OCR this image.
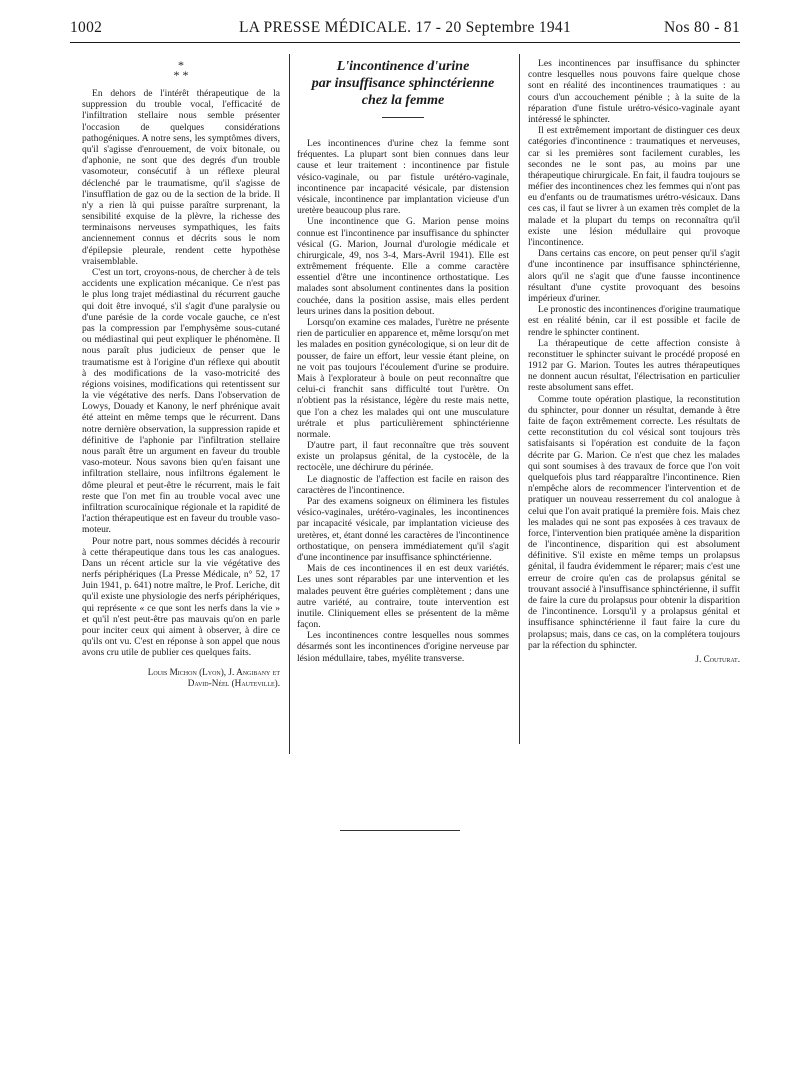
1002	LA PRESSE MÉDICALE. 17 - 20 Septembre 1941	Nos 80 - 81
*
* *

En dehors de l'intérêt thérapeutique de la suppression du trouble vocal, l'efficacité de l'infiltration stellaire nous semble présenter l'occasion de quelques considérations pathogéniques. A notre sens, les symptômes divers, qu'il s'agisse d'enrouement, de voix bitonale, ou d'aphonie, ne sont que des degrés d'un trouble vasomoteur, consécutif à un réflexe pleural déclenché par le traumatisme, qu'il s'agisse de l'insufflation de gaz ou de la section de la bride. Il n'y a rien là qui puisse paraître surprenant, la sensibilité exquise de la plèvre, la richesse des terminaisons nerveuses sympathiques, les faits anciennement connus et décrits sous le nom d'épilepsie pleurale, rendent cette hypothèse vraisemblable.

C'est un tort, croyons-nous, de chercher à de tels accidents une explication mécanique. Ce n'est pas le plus long trajet médiastinal du récurrent gauche qui doit être invoqué, s'il s'agit d'une paralysie ou d'une parésie de la corde vocale gauche, ce n'est pas la compression par l'emphysème sous-cutané ou médiastinal qui peut expliquer le phénomène. Il nous paraît plus judicieux de penser que le traumatisme est à l'origine d'un réflexe qui aboutit à des modifications de la vaso-motricité des régions voisines, modifications qui retentissent sur la vie végétative des nerfs. Dans l'observation de Lowys, Douady et Kanony, le nerf phrénique avait été atteint en même temps que le récurrent. Dans notre dernière observation, la suppression rapide et définitive de l'aphonie par l'infiltration stellaire nous paraît être un argument en faveur du trouble vaso-moteur. Nous savons bien qu'en faisant une infiltration stellaire, nous infiltrons également le dôme pleural et peut-être le récurrent, mais le fait reste que l'on met fin au trouble vocal avec une infiltration scurocaïnique régionale et la rapidité de l'action thérapeutique est en faveur du trouble vaso-moteur.

Pour notre part, nous sommes décidés à recourir à cette thérapeutique dans tous les cas analogues. Dans un récent article sur la vie végétative des nerfs périphériques (La Presse Médicale, n° 52, 17 Juin 1941, p. 641) notre maître, le Prof. Leriche, dit qu'il existe une physiologie des nerfs périphériques, qui représente « ce que sont les nerfs dans la vie » et qu'il n'est peut-être pas mauvais qu'on en parle pour inciter ceux qui aiment à observer, à dire ce qu'ils ont vu. C'est en réponse à son appel que nous avons cru utile de publier ces quelques faits.

Louis Michon (Lyon), J. Angibany et
David-Néel (Hauteville).
L'incontinence d'urine
par insuffisance sphinctérienne
chez la femme

Les incontinences d'urine chez la femme sont fréquentes. La plupart sont bien connues dans leur cause et leur traitement : incontinence par fistule vésico-vaginale, ou par fistule urétéro-vaginale, incontinence par incapacité vésicale, par distension vésicale, incontinence par implantation vicieuse d'un uretère beaucoup plus rare.

Une incontinence que G. Marion pense moins connue est l'incontinence par insuffisance du sphincter vésical (G. Marion, Journal d'urologie médicale et chirurgicale, 49, nos 3-4, Mars-Avril 1941). Elle est extrêmement fréquente. Elle a comme caractère essentiel d'être une incontinence orthostatique. Les malades sont absolument continentes dans la position couchée, dans la position assise, mais elles perdent leurs urines dans la position debout.

Lorsqu'on examine ces malades, l'urètre ne présente rien de particulier en apparence et, même lorsqu'on met les malades en position gynécologique, si on leur dit de pousser, de faire un effort, leur vessie étant pleine, on ne voit pas toujours l'écoulement d'urine se produire. Mais à l'explorateur à boule on peut reconnaître que celui-ci franchit sans difficulté tout l'urètre. On n'obtient pas la résistance, légère du reste mais nette, que l'on a chez les malades qui ont une musculature urétrale et plus particulièrement sphinctérienne normale.

D'autre part, il faut reconnaître que très souvent existe un prolapsus génital, de la cystocèle, de la rectocèle, une déchirure du périnée.

Le diagnostic de l'affection est facile en raison des caractères de l'incontinence.

Par des examens soigneux on éliminera les fistules vésico-vaginales, urétéro-vaginales, les incontinences par incapacité vésicale, par implantation vicieuse des uretères, et, étant donné les caractères de l'incontinence orthostatique, on pensera immédiatement qu'il s'agit d'une incontinence par insuffisance sphinctérienne.

Mais de ces incontinences il en est deux variétés. Les unes sont réparables par une intervention et les malades peuvent être guéries complètement ; dans une autre variété, au contraire, toute intervention est inutile. Cliniquement elles se présentent de la même façon.

Les incontinences contre lesquelles nous sommes désarmés sont les incontinences d'origine nerveuse par lésion médullaire, tabes, myélite transverse.

Les incontinences par insuffisance du sphincter contre lesquelles nous pouvons faire quelque chose sont en réalité des incontinences traumatiques : au cours d'un accouchement pénible ; à la suite de la réparation d'une fistule urétro-vésico-vaginale ayant intéressé le sphincter.

Il est extrêmement important de distinguer ces deux catégories d'incontinence : traumatiques et nerveuses, car si les premières sont facilement curables, les secondes ne le sont pas, au moins par une thérapeutique chirurgicale. En fait, il faudra toujours se méfier des incontinences chez les femmes qui n'ont pas eu d'enfants ou de traumatismes urétro-vésicaux. Dans ces cas, il faut se livrer à un examen très complet de la malade et la plupart du temps on reconnaîtra qu'il existe une lésion médullaire qui provoque l'incontinence.

Dans certains cas encore, on peut penser qu'il s'agit d'une incontinence par insuffisance sphinctérienne, alors qu'il ne s'agit que d'une fausse incontinence résultant d'une cystite provoquant des besoins impérieux d'uriner.

Le pronostic des incontinences d'origine traumatique est en réalité bénin, car il est possible et facile de rendre le sphincter continent.

La thérapeutique de cette affection consiste à reconstituer le sphincter suivant le procédé proposé en 1912 par G. Marion. Toutes les autres thérapeutiques ne donnent aucun résultat, l'électrisation en particulier reste absolument sans effet.

Comme toute opération plastique, la reconstitution du sphincter, pour donner un résultat, demande à être faite de façon extrêmement correcte. Les résultats de cette reconstitution du col vésical sont toujours très satisfaisants si l'opération est conduite de la façon décrite par G. Marion. Ce n'est que chez les malades qui sont soumises à des travaux de force que l'on voit quelquefois plus tard réapparaître l'incontinence. Rien n'empêche alors de recommencer l'intervention et de pratiquer un nouveau resserrement du col analogue à celui que l'on avait pratiqué la première fois. Mais chez les malades qui ne sont pas exposées à ces travaux de force, l'intervention bien pratiquée amène la disparition de l'incontinence, disparition qui est absolument définitive. S'il existe en même temps un prolapsus génital, il faudra évidemment le réparer; mais c'est une erreur de croire qu'en cas de prolapsus génital se trouvant associé à l'insuffisance sphinctérienne, il suffit de faire la cure du prolapsus pour obtenir la disparition de l'incontinence. Lorsqu'il y a prolapsus génital et insuffisance sphinctérienne il faut faire la cure du prolapsus; mais, dans ce cas, on la complétera toujours par la réfection du sphincter.

J. Couturat.
